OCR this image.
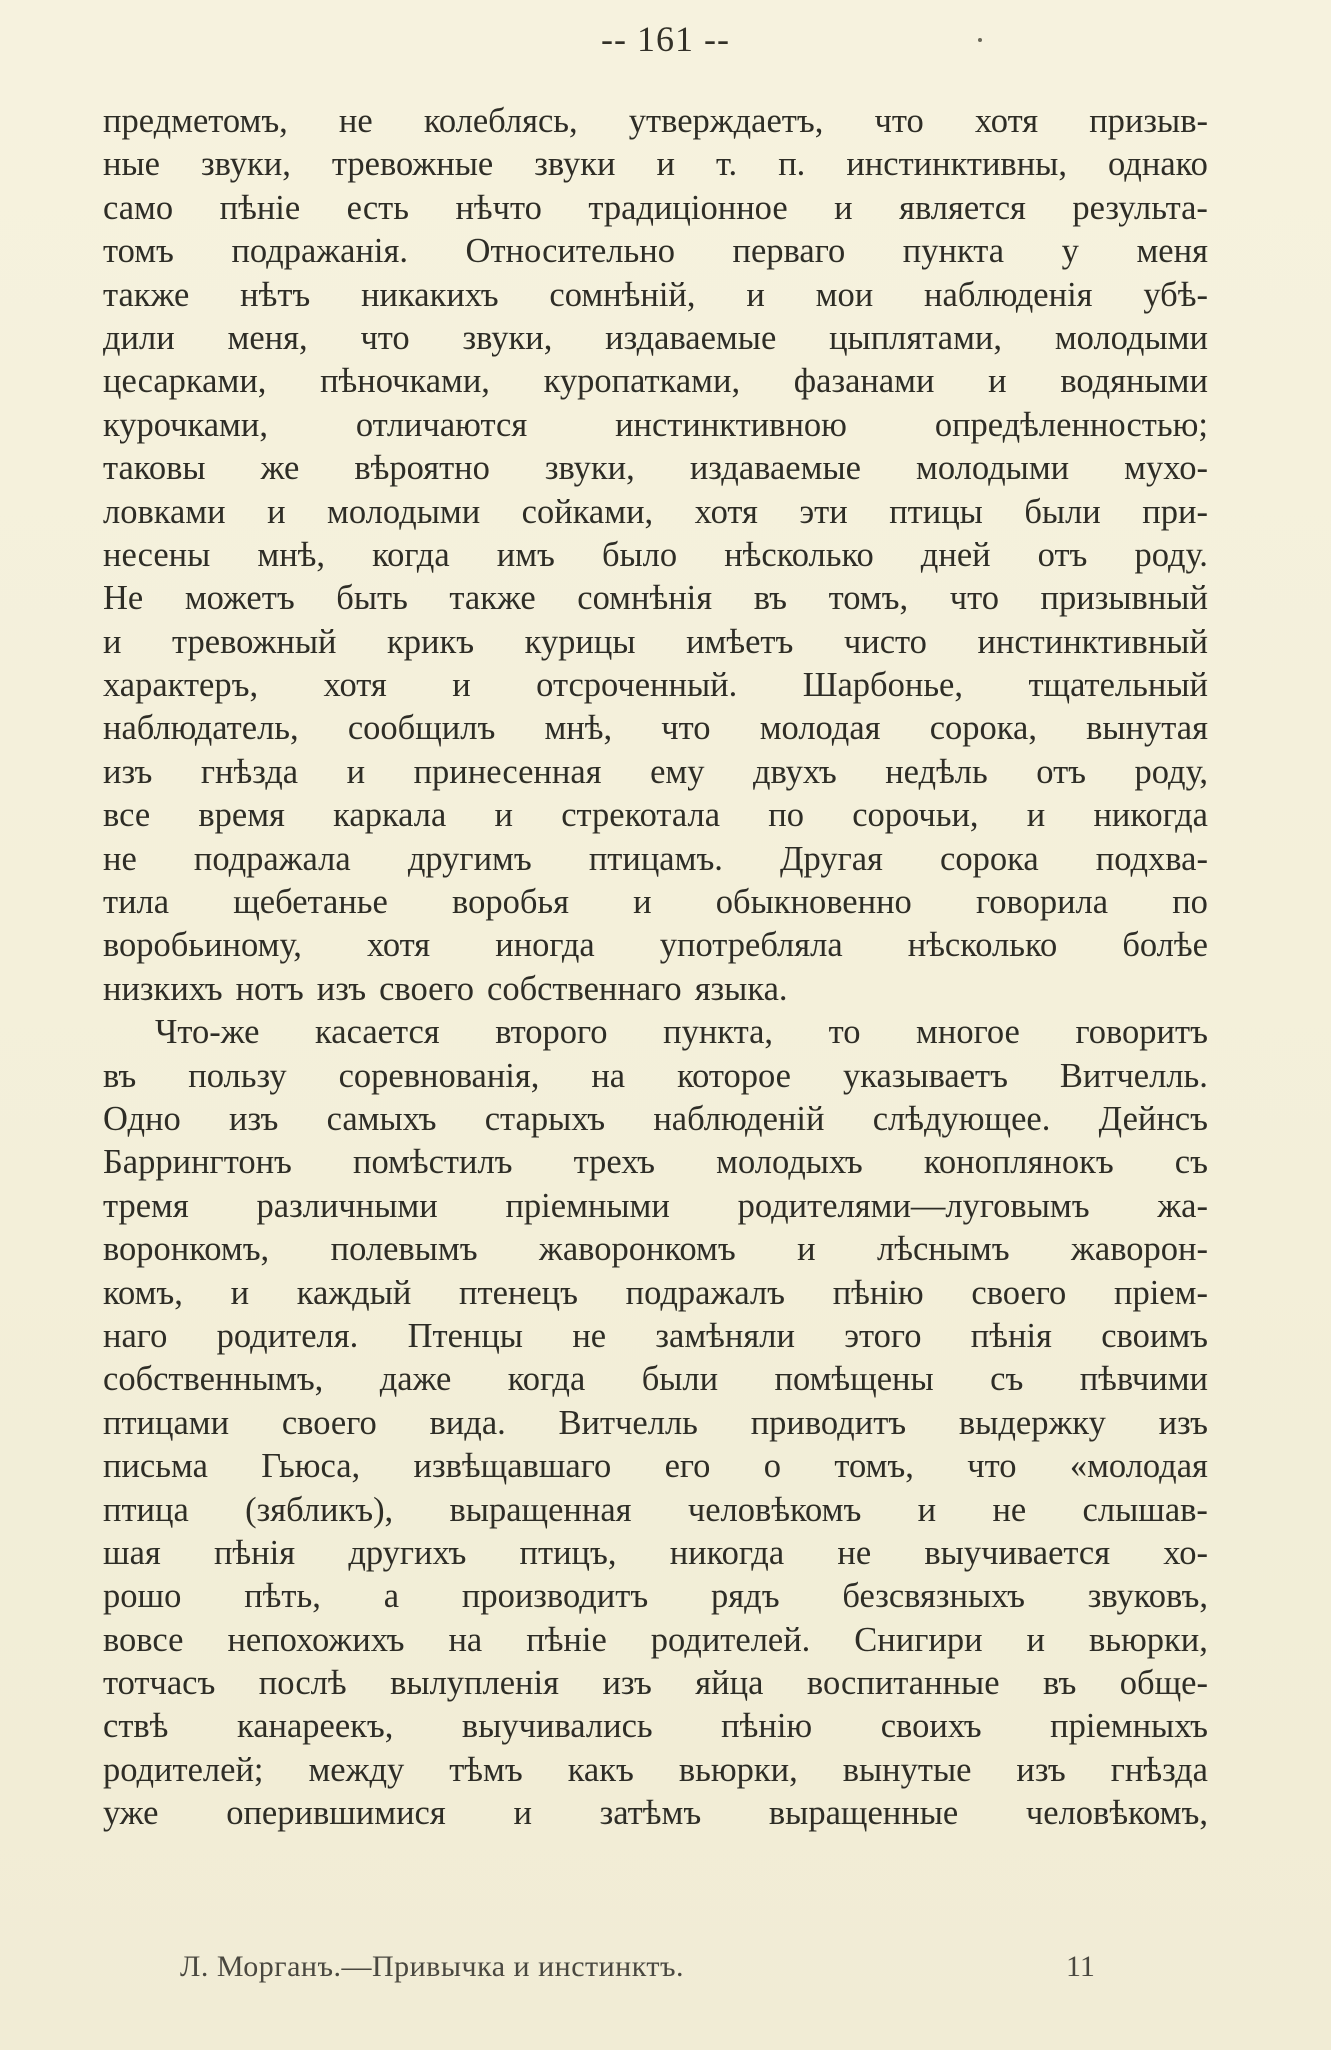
-- 161 --
предметомъ, не колеблясь, утверждаетъ, что хотя призыв-
ные звуки, тревожные звуки и т. п. инстинктивны, однако
само пѣніе есть нѣчто традиціонное и является результа-
томъ подражанія. Относительно перваго пункта у меня
также нѣтъ никакихъ сомнѣній, и мои наблюденія убѣ-
дили меня, что звуки, издаваемые цыплятами, молодыми
цесарками, пѣночками, куропатками, фазанами и водяными
курочками,	отличаются	инстинктивною	опредѣленностью;
таковы же вѣроятно звуки, издаваемые молодыми мухо-
ловками и молодыми сойками, хотя эти птицы были при-
несены мнѣ, когда имъ было нѣсколько дней отъ роду.
Не можетъ быть также сомнѣнія въ томъ, что призывный
и тревожный крикъ курицы имѣетъ чисто инстинктивный
характеръ, хотя и отсроченный. Шарбонье, тщательный
наблюдатель, сообщилъ мнѣ, что молодая сорока, вынутая
изъ гнѣзда и принесенная ему двухъ недѣль отъ роду,
все время каркала и стрекотала по сорочьи, и никогда
не подражала другимъ птицамъ. Другая сорока подхва-
тила щебетанье воробья и обыкновенно говорила по
воробьиному, хотя иногда употребляла нѣсколько болѣе
низкихъ нотъ изъ своего собственнаго языка.
Что-же касается второго пункта, то многое говоритъ
въ пользу соревнованія, на которое указываетъ Витчелль.
Одно изъ самыхъ старыхъ наблюденій слѣдующее. Дейнсъ
Баррингтонъ помѣстилъ трехъ молодыхъ коноплянокъ съ
тремя различными пріемными родителями—луговымъ жа-
воронкомъ, полевымъ жаворонкомъ и лѣснымъ жаворон-
комъ, и каждый птенецъ подражалъ пѣнію своего пріем-
наго родителя. Птенцы не замѣняли этого пѣнія своимъ
собственнымъ, даже когда были помѣщены съ пѣвчими
птицами своего вида. Витчелль приводитъ выдержку изъ
письма Гьюса, извѣщавшаго его о томъ, что «молодая
птица (зябликъ), выращенная человѣкомъ и не слышав-
шая пѣнія другихъ птицъ, никогда не выучивается хо-
рошо пѣть, а производитъ рядъ безсвязныхъ звуковъ,
вовсе непохожихъ на пѣніе родителей. Снигири и вьюрки,
тотчасъ послѣ вылупленія изъ яйца воспитанные въ обще-
ствѣ канареекъ, выучивались пѣнію своихъ пріемныхъ
родителей; между тѣмъ какъ вьюрки, вынутые изъ гнѣзда
уже оперившимися и затѣмъ выращенные человѣкомъ,
Л. Морганъ.—Привычка и инстинктъ.	11
